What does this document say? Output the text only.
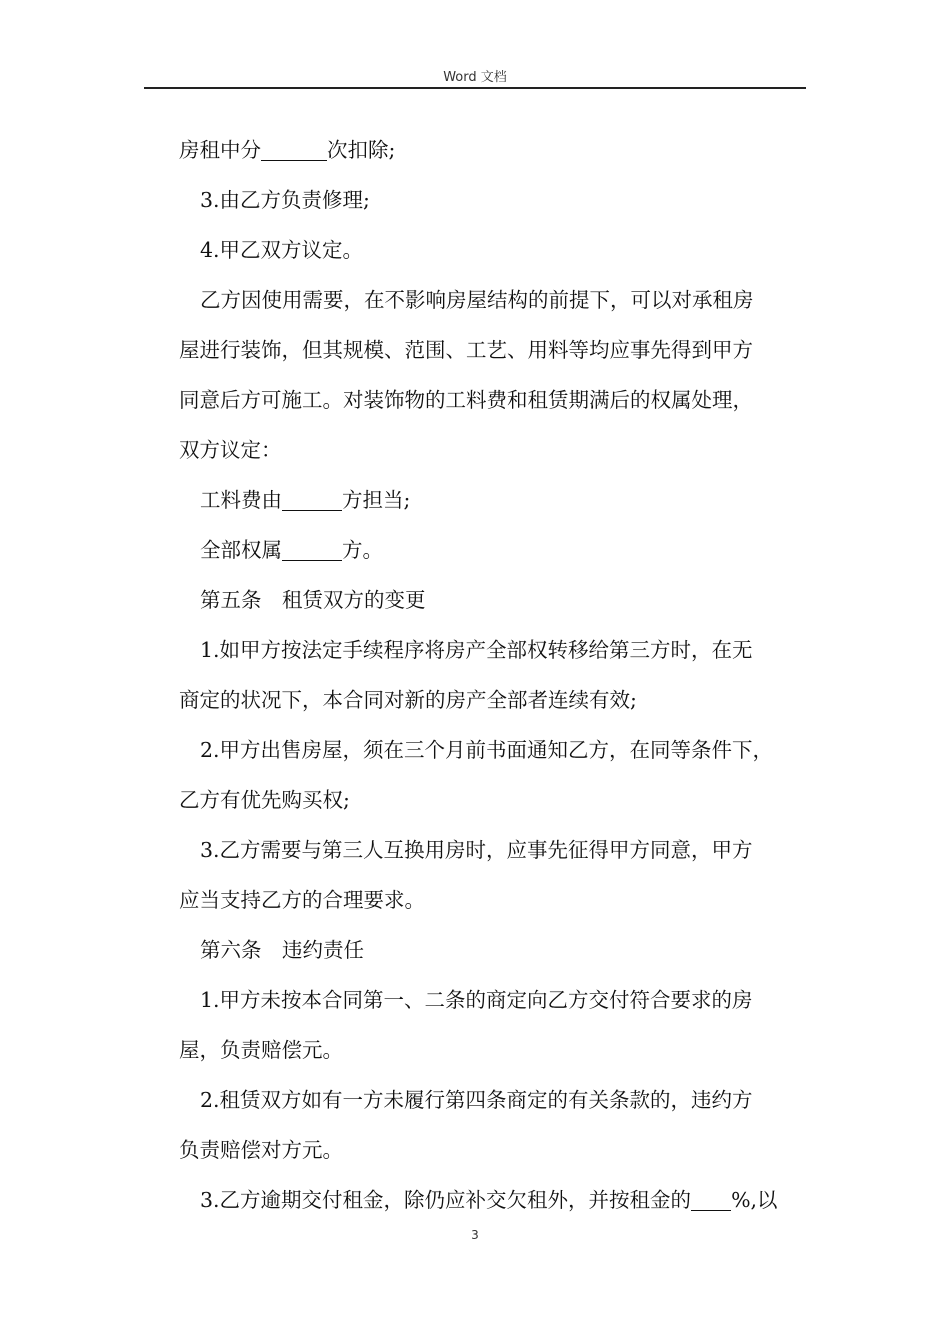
Word 文档
房租中分	次扣除;
3.由乙方负责修理;
4.甲乙双方议定。
乙方因使用需要，在不影响房屋结构的前提下，可以对承租房
屋进行装饰，但其规模、范围、工艺、用料等均应事先得到甲方
同意后方可施工。对装饰物的工料费和租赁期满后的权属处理，
双方议定：
工料费由	方担当;
全部权属	方。
第五条　租赁双方的变更
1.如甲方按法定手续程序将房产全部权转移给第三方时，在无
商定的状况下，本合同对新的房产全部者连续有效;
2.甲方出售房屋，须在三个月前书面通知乙方，在同等条件下，
乙方有优先购买权;
3.乙方需要与第三人互换用房时，应事先征得甲方同意，甲方
应当支持乙方的合理要求。
第六条　违约责任
1.甲方未按本合同第一、二条的商定向乙方交付符合要求的房
屋，负责赔偿元。
2.租赁双方如有一方未履行第四条商定的有关条款的，违约方
负责赔偿对方元。
3.乙方逾期交付租金，除仍应补交欠租外，并按租金的 %,以
3
